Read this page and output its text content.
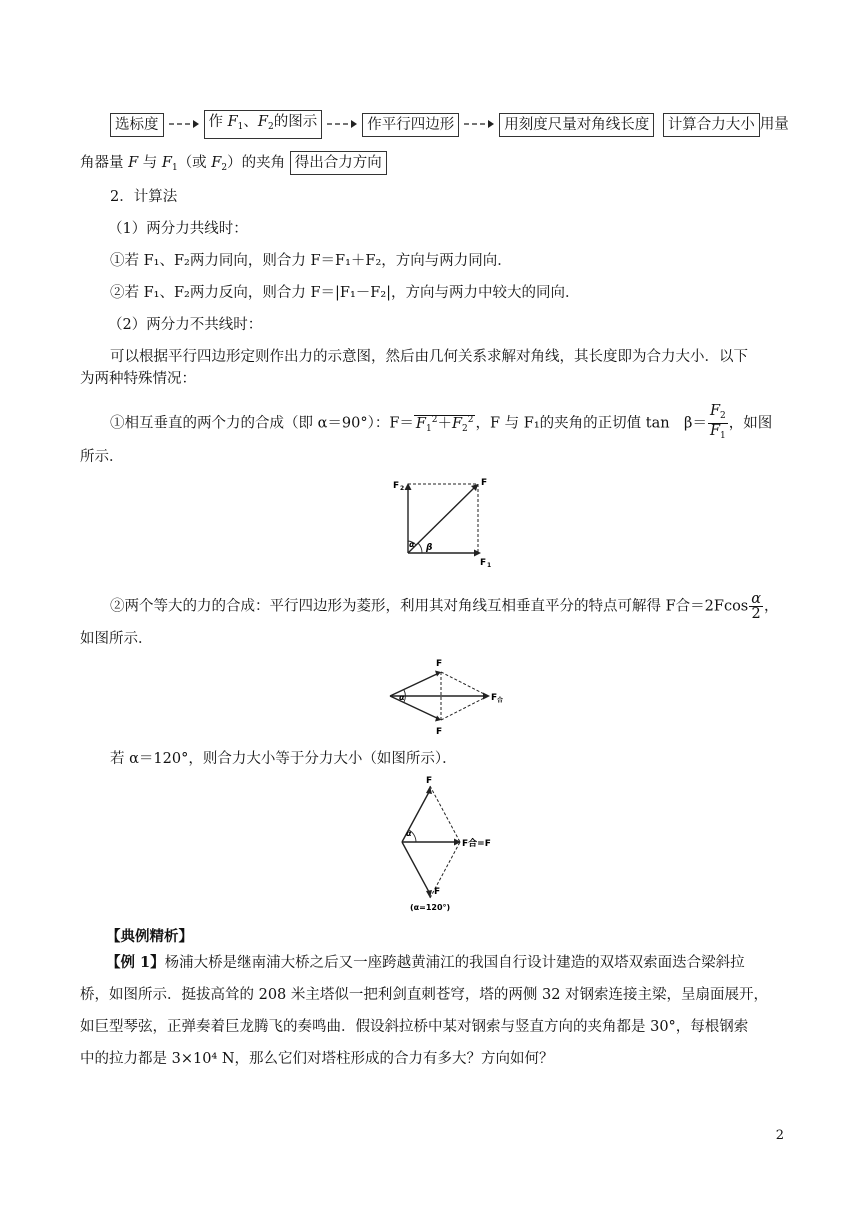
选标度	作 $F_1$、$F_2$的图示	作平行四边形	用刻度尺量对角线长度 计算合力大小 用量
角器量 F 与 $F_1$（或 $F_2$）的夹角 得出合力方向
2．计算法
（1）两分力共线时：
①若 F₁、F₂两力同向，则合力 F＝F₁＋F₂，方向与两力同向．
②若 F₁、F₂两力反向，则合力 F＝|F₁－F₂|，方向与两力中较大的同向．
（2）两分力不共线时：
可以根据平行四边形定则作出力的示意图，然后由几何关系求解对角线，其长度即为合力大小．以下
为两种特殊情况：
①相互垂直的两个力的合成（即 α＝90°）：$F= F_1^2+F_2^2$ ，F 与 F₁的夹角的正切值 tan　$\beta= \frac{F_2}{F_1}$ ，如图
所示．
F 2
F
F 1
α β
②两个等大的力的合成：平行四边形为菱形，利用其对角线互相垂直平分的特点可解得 F合$=2Fcos \frac{\alpha}{2}$ ，
如图所示．
F
F
F 合
α
若 α＝120°，则合力大小等于分力大小（如图所示）．
F
F
F合=F
α
(α=120°)
【典例精析】
【例 1】杨浦大桥是继南浦大桥之后又一座跨越黄浦江的我国自行设计建造的双塔双索面迭合梁斜拉
桥，如图所示．挺拔高耸的 208 米主塔似一把利剑直刺苍穹，塔的两侧 32 对钢索连接主梁，呈扇面展开，
如巨型琴弦，正弹奏着巨龙腾飞的奏鸣曲．假设斜拉桥中某对钢索与竖直方向的夹角都是 30°，每根钢索
中的拉力都是 3×10⁴ N，那么它们对塔柱形成的合力有多大？方向如何？
2
